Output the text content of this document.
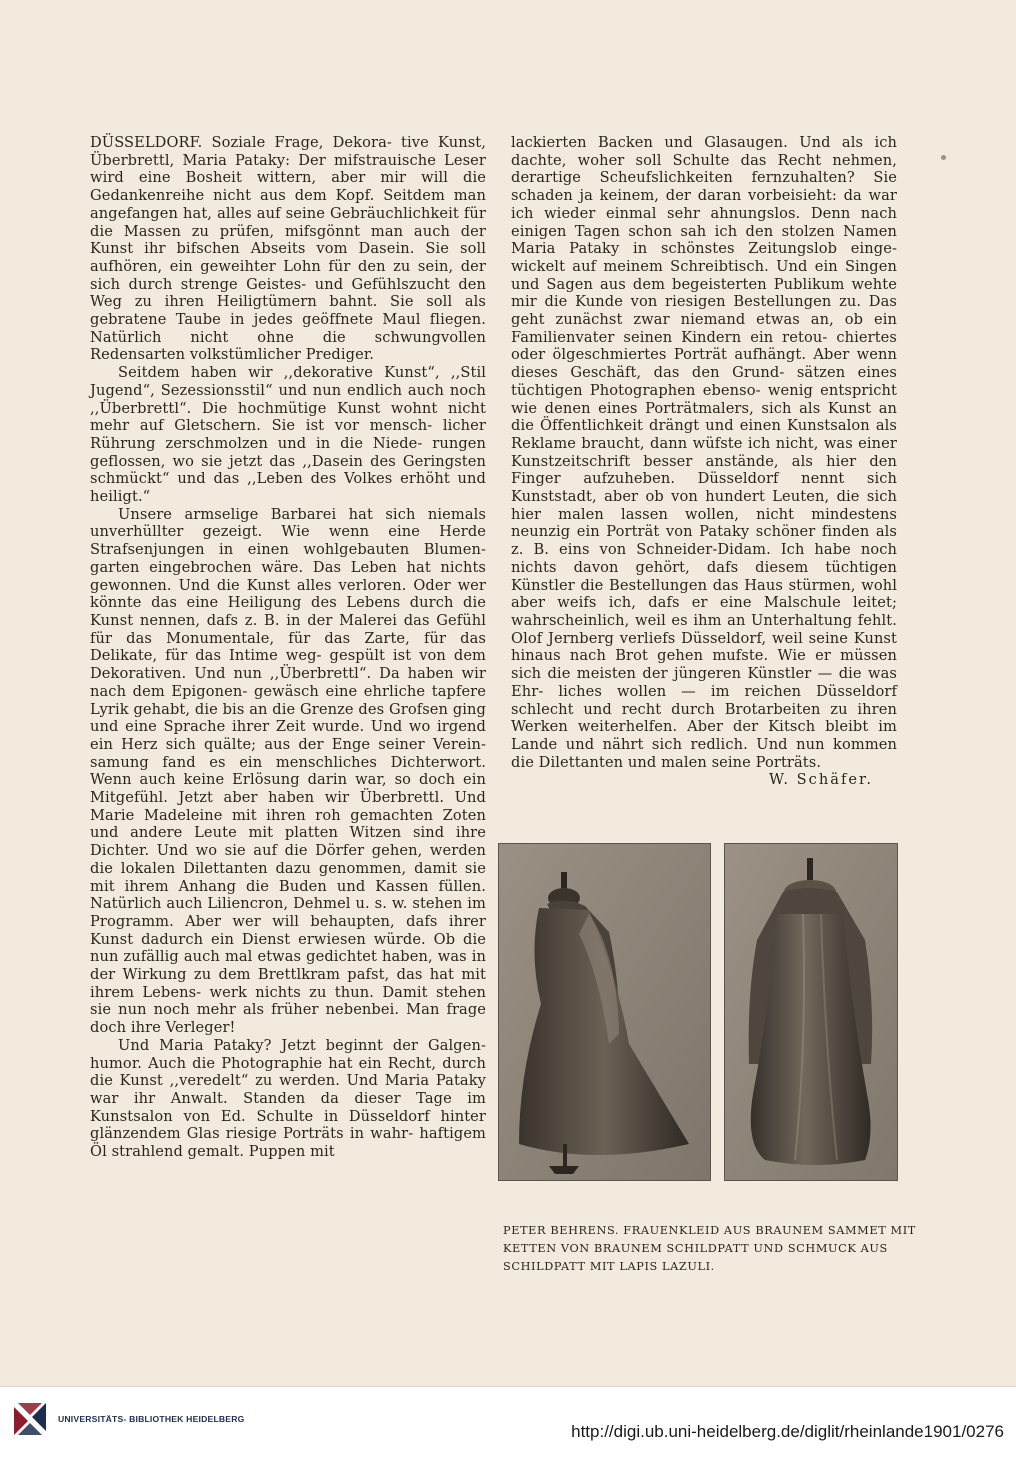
DÜSSELDORF. Soziale Frage, Dekora- tive Kunst, Überbrettl, Maria Pataky: Der mifstrauische Leser wird eine Bosheit wittern, aber mir will die Gedankenreihe nicht aus dem Kopf. Seitdem man angefangen hat, alles auf seine Gebräuchlichkeit für die Massen zu prüfen, mifsgönnt man auch der Kunst ihr bifschen Abseits vom Dasein. Sie soll aufhören, ein geweihter Lohn für den zu sein, der sich durch strenge Geistes- und Gefühlszucht den Weg zu ihren Heiligtümern bahnt. Sie soll als gebratene Taube in jedes geöffnete Maul fliegen. Natürlich nicht ohne die schwungvollen Redensarten volkstümlicher Prediger.

Seitdem haben wir ,,dekorative Kunst“, ,,Stil Jugend“, Sezessionsstil“ und nun endlich auch noch ,,Überbrettl“. Die hochmütige Kunst wohnt nicht mehr auf Gletschern. Sie ist vor mensch- licher Rührung zerschmolzen und in die Niede- rungen geflossen, wo sie jetzt das ,,Dasein des Geringsten schmückt“ und das ,,Leben des Volkes erhöht und heiligt.“

Unsere armselige Barbarei hat sich niemals unverhüllter gezeigt. Wie wenn eine Herde Strafsenjungen in einen wohlgebauten Blumen- garten eingebrochen wäre. Das Leben hat nichts gewonnen. Und die Kunst alles verloren. Oder wer könnte das eine Heiligung des Lebens durch die Kunst nennen, dafs z. B. in der Malerei das Gefühl für das Monumentale, für das Zarte, für das Delikate, für das Intime weg- gespült ist von dem Dekorativen. Und nun ,,Überbrettl“. Da haben wir nach dem Epigonen- gewäsch eine ehrliche tapfere Lyrik gehabt, die bis an die Grenze des Grofsen ging und eine Sprache ihrer Zeit wurde. Und wo irgend ein Herz sich quälte; aus der Enge seiner Verein- samung fand es ein menschliches Dichterwort. Wenn auch keine Erlösung darin war, so doch ein Mitgefühl. Jetzt aber haben wir Überbrettl. Und Marie Madeleine mit ihren roh gemachten Zoten und andere Leute mit platten Witzen sind ihre Dichter. Und wo sie auf die Dörfer gehen, werden die lokalen Dilettanten dazu genommen, damit sie mit ihrem Anhang die Buden und Kassen füllen. Natürlich auch Liliencron, Dehmel u. s. w. stehen im Programm. Aber wer will behaupten, dafs ihrer Kunst dadurch ein Dienst erwiesen würde. Ob die nun zufällig auch mal etwas gedichtet haben, was in der Wirkung zu dem Brettlkram pafst, das hat mit ihrem Lebens- werk nichts zu thun. Damit stehen sie nun noch mehr als früher nebenbei. Man frage doch ihre Verleger!

Und Maria Pataky? Jetzt beginnt der Galgen- humor. Auch die Photographie hat ein Recht, durch die Kunst ,,veredelt“ zu werden. Und Maria Pataky war ihr Anwalt. Standen da dieser Tage im Kunstsalon von Ed. Schulte in Düsseldorf hinter glänzendem Glas riesige Porträts in wahr- haftigem Öl strahlend gemalt. Puppen mit

lackierten Backen und Glasaugen. Und als ich dachte, woher soll Schulte das Recht nehmen, derartige Scheufslichkeiten fernzuhalten? Sie schaden ja keinem, der daran vorbeisieht: da war ich wieder einmal sehr ahnungslos. Denn nach einigen Tagen schon sah ich den stolzen Namen Maria Pataky in schönstes Zeitungslob einge- wickelt auf meinem Schreibtisch. Und ein Singen und Sagen aus dem begeisterten Publikum wehte mir die Kunde von riesigen Bestellungen zu. Das geht zunächst zwar niemand etwas an, ob ein Familienvater seinen Kindern ein retou- chiertes oder ölgeschmiertes Porträt aufhängt. Aber wenn dieses Geschäft, das den Grund- sätzen eines tüchtigen Photographen ebenso- wenig entspricht wie denen eines Porträtmalers, sich als Kunst an die Öffentlichkeit drängt und einen Kunstsalon als Reklame braucht, dann wüfste ich nicht, was einer Kunstzeitschrift besser anstände, als hier den Finger aufzuheben. Düsseldorf nennt sich Kunststadt, aber ob von hundert Leuten, die sich hier malen lassen wollen, nicht mindestens neunzig ein Porträt von Pataky schöner finden als z. B. eins von Schneider-Didam. Ich habe noch nichts davon gehört, dafs diesem tüchtigen Künstler die Bestellungen das Haus stürmen, wohl aber weifs ich, dafs er eine Malschule leitet; wahrscheinlich, weil es ihm an Unterhaltung fehlt. Olof Jernberg verliefs Düsseldorf, weil seine Kunst hinaus nach Brot gehen mufste. Wie er müssen sich die meisten der jüngeren Künstler — die was Ehr- liches wollen — im reichen Düsseldorf schlecht und recht durch Brotarbeiten zu ihren Werken weiterhelfen. Aber der Kitsch bleibt im Lande und nährt sich redlich. Und nun kommen die Dilettanten und malen seine Porträts.

W. Schäfer.

PETER BEHRENS. FRAUENKLEID AUS BRAUNEM SAMMET MIT KETTEN VON BRAUNEM SCHILDPATT UND SCHMUCK AUS SCHILDPATT MIT LAPIS LAZULI.
UNIVERSITÄTS- BIBLIOTHEK HEIDELBERG
http://digi.ub.uni-heidelberg.de/diglit/rheinlande1901/0276
